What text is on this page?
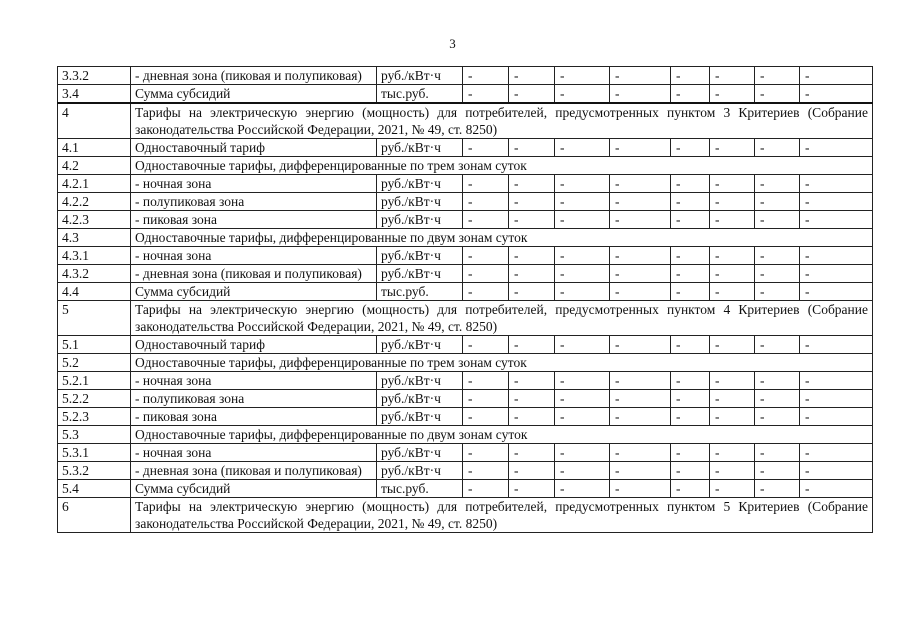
3
3.3.2	- дневная зона (пиковая и полупиковая)	руб./кВт·ч	-	-	-	-	-	-	-	-
3.4	Сумма субсидий	тыс.руб.	-	-	-	-	-	-	-	-
4	Тарифы на электрическую энергию (мощность) для потребителей, предусмотренных пунктом 3 Критериев (Собрание законодательства Российской Федерации, 2021, № 49, ст. 8250)									
4.1	Одноставочный тариф	руб./кВт·ч	-	-	-	-	-	-	-	-
4.2	Одноставочные тарифы, дифференцированные по трем зонам суток									
4.2.1	- ночная зона	руб./кВт·ч	-	-	-	-	-	-	-	-
4.2.2	- полупиковая зона	руб./кВт·ч	-	-	-	-	-	-	-	-
4.2.3	- пиковая зона	руб./кВт·ч	-	-	-	-	-	-	-	-
4.3	Одноставочные тарифы, дифференцированные по двум зонам суток									
4.3.1	- ночная зона	руб./кВт·ч	-	-	-	-	-	-	-	-
4.3.2	- дневная зона (пиковая и полупиковая)	руб./кВт·ч	-	-	-	-	-	-	-	-
4.4	Сумма субсидий	тыс.руб.	-	-	-	-	-	-	-	-
5	Тарифы на электрическую энергию (мощность) для потребителей, предусмотренных пунктом 4 Критериев (Собрание законодательства Российской Федерации, 2021, № 49, ст. 8250)									
5.1	Одноставочный тариф	руб./кВт·ч	-	-	-	-	-	-	-	-
5.2	Одноставочные тарифы, дифференцированные по трем зонам суток									
5.2.1	- ночная зона	руб./кВт·ч	-	-	-	-	-	-	-	-
5.2.2	- полупиковая зона	руб./кВт·ч	-	-	-	-	-	-	-	-
5.2.3	- пиковая зона	руб./кВт·ч	-	-	-	-	-	-	-	-
5.3	Одноставочные тарифы, дифференцированные по двум зонам суток									
5.3.1	- ночная зона	руб./кВт·ч	-	-	-	-	-	-	-	-
5.3.2	- дневная зона (пиковая и полупиковая)	руб./кВт·ч	-	-	-	-	-	-	-	-
5.4	Сумма субсидий	тыс.руб.	-	-	-	-	-	-	-	-
6	Тарифы на электрическую энергию (мощность) для потребителей, предусмотренных пунктом 5 Критериев (Собрание законодательства Российской Федерации, 2021, № 49, ст. 8250)									
